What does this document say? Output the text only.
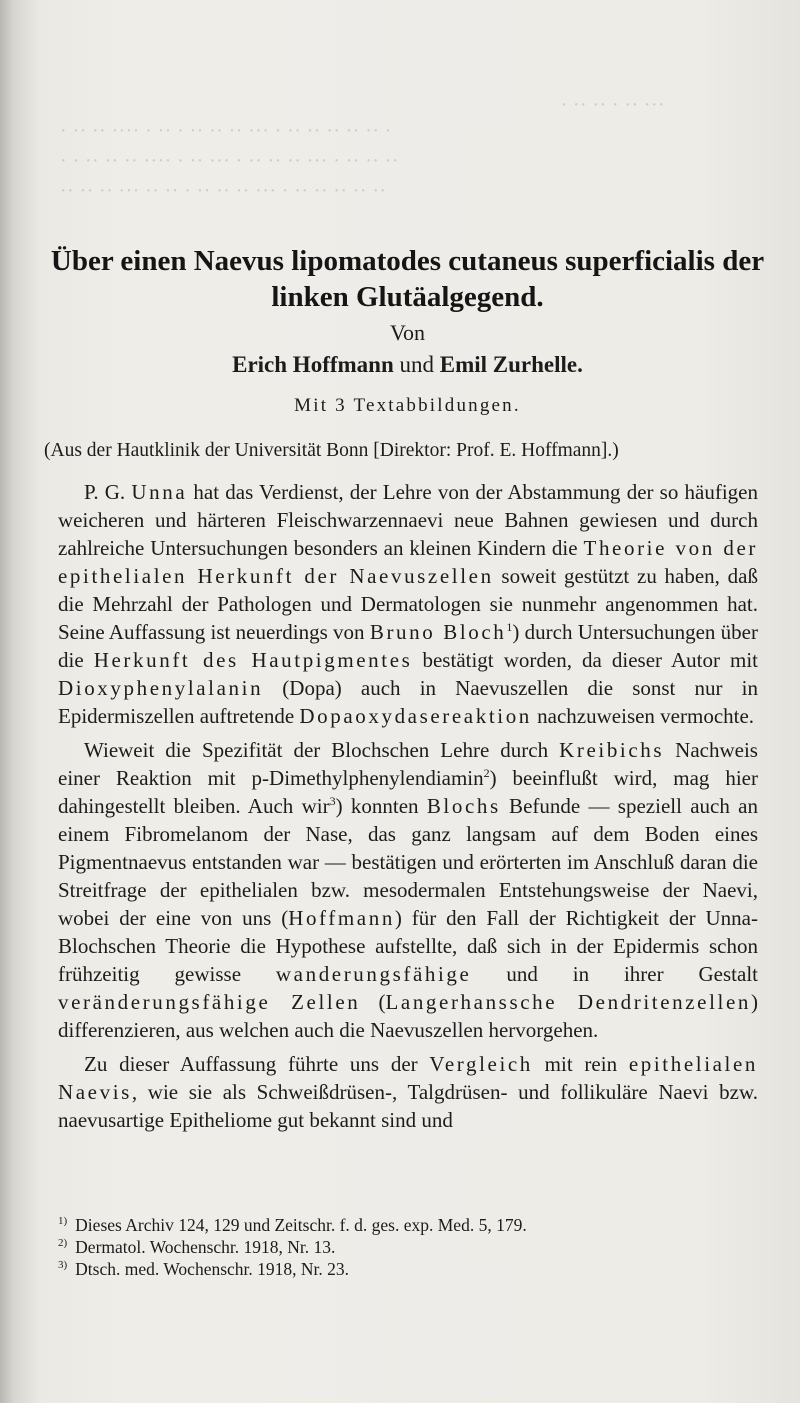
··· ·· · ·· ·· ·
· ·· ·· ···· · ·· · ·· ·· ·· ··· · ·· ·· ·· ·· ·· ·
· · ·· ·· ·· ···· · ·· ··· · ·· ·· ·· ··· · ·· ·· ··
·· ·· ·· ··· ·· ·· · ·· ·· ·· ··· · ·· ·· ·· ·· ··
Über einen Naevus lipomatodes cutaneus superficialis der
linken Glutäalgegend.
Von
Erich Hoffmann und Emil Zurhelle.
Mit 3 Textabbildungen.
(Aus der Hautklinik der Universität Bonn [Direktor: Prof. E. Hoffmann].)

P. G. Unna hat das Verdienst, der Lehre von der Abstammung der so häufigen weicheren und härteren Fleischwarzennaevi neue Bahnen gewiesen und durch zahlreiche Untersuchungen besonders an kleinen Kindern die Theorie von der epithelialen Herkunft der Naevuszellen soweit gestützt zu haben, daß die Mehrzahl der Pathologen und Dermatologen sie nunmehr angenommen hat. Seine Auffassung ist neuerdings von Bruno Bloch$^1$) durch Untersuchungen über die Herkunft des Hautpigmentes bestätigt worden, da dieser Autor mit Dioxyphenylalanin (Dopa) auch in Naevuszellen die sonst nur in Epidermiszellen auftretende Dopaoxydasereaktion nachzuweisen vermochte.

Wieweit die Spezifität der Blochschen Lehre durch Kreibichs Nachweis einer Reaktion mit p-Dimethylphenylendiamin$^2$) beeinflußt wird, mag hier dahingestellt bleiben. Auch wir$^3$) konnten Blochs Befunde — speziell auch an einem Fibromelanom der Nase, das ganz langsam auf dem Boden eines Pigmentnaevus entstanden war — bestätigen und erörterten im Anschluß daran die Streitfrage der epithelialen bzw. mesodermalen Entstehungsweise der Naevi, wobei der eine von uns (Hoffmann) für den Fall der Richtigkeit der Unna-Blochschen Theorie die Hypothese aufstellte, daß sich in der Epidermis schon frühzeitig gewisse wanderungsfähige und in ihrer Gestalt veränderungsfähige Zellen (Langerhanssche Dendritenzellen) differenzieren, aus welchen auch die Naevuszellen hervorgehen.

Zu dieser Auffassung führte uns der Vergleich mit rein epithelialen Naevis, wie sie als Schweißdrüsen-, Talgdrüsen- und follikuläre Naevi bzw. naevusartige Epitheliome gut bekannt sind und

$^{1)}$ Dieses Archiv 124, 129 und Zeitschr. f. d. ges. exp. Med. 5, 179.
$^{2)}$ Dermatol. Wochenschr. 1918, Nr. 13.
$^{3)}$ Dtsch. med. Wochenschr. 1918, Nr. 23.
